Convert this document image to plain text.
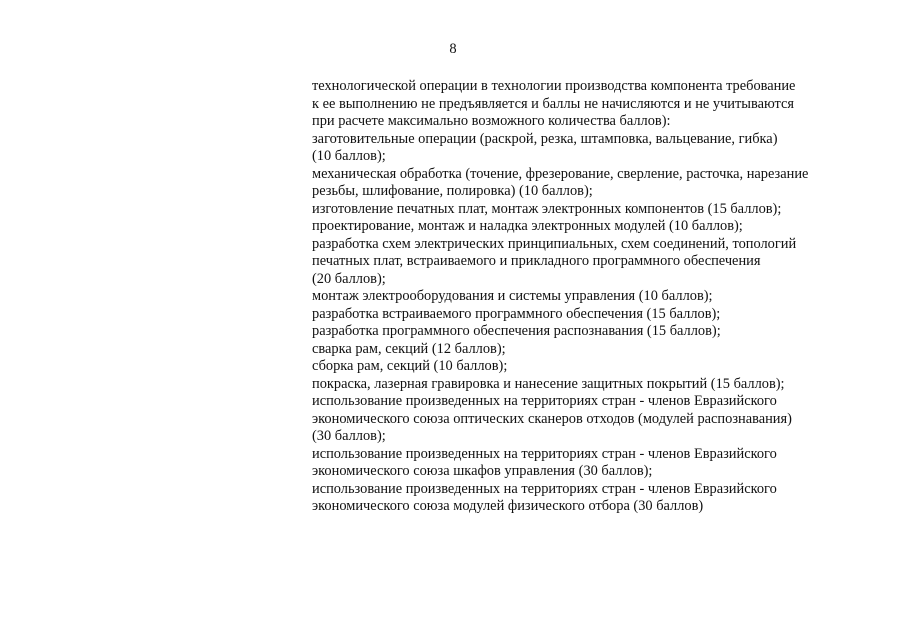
8
технологической операции в технологии производства компонента требование
к ее выполнению не предъявляется и баллы не начисляются и не учитываются
при расчете максимально возможного количества баллов):
заготовительные операции (раскрой, резка, штамповка, вальцевание, гибка)
(10 баллов);
механическая обработка (точение, фрезерование, сверление, расточка, нарезание
резьбы, шлифование, полировка) (10 баллов);
изготовление печатных плат, монтаж электронных компонентов (15 баллов);
проектирование, монтаж и наладка электронных модулей (10 баллов);
разработка схем электрических принципиальных, схем соединений, топологий
печатных плат, встраиваемого и прикладного программного обеспечения
(20 баллов);
монтаж электрооборудования и системы управления (10 баллов);
разработка встраиваемого программного обеспечения (15 баллов);
разработка программного обеспечения распознавания (15 баллов);
сварка рам, секций (12 баллов);
сборка рам, секций (10 баллов);
покраска, лазерная гравировка и нанесение защитных покрытий (15 баллов);
использование произведенных на территориях стран - членов Евразийского
экономического союза оптических сканеров отходов (модулей распознавания)
(30 баллов);
использование произведенных на территориях стран - членов Евразийского
экономического союза шкафов управления (30 баллов);
использование произведенных на территориях стран - членов Евразийского
экономического союза модулей физического отбора (30 баллов)
